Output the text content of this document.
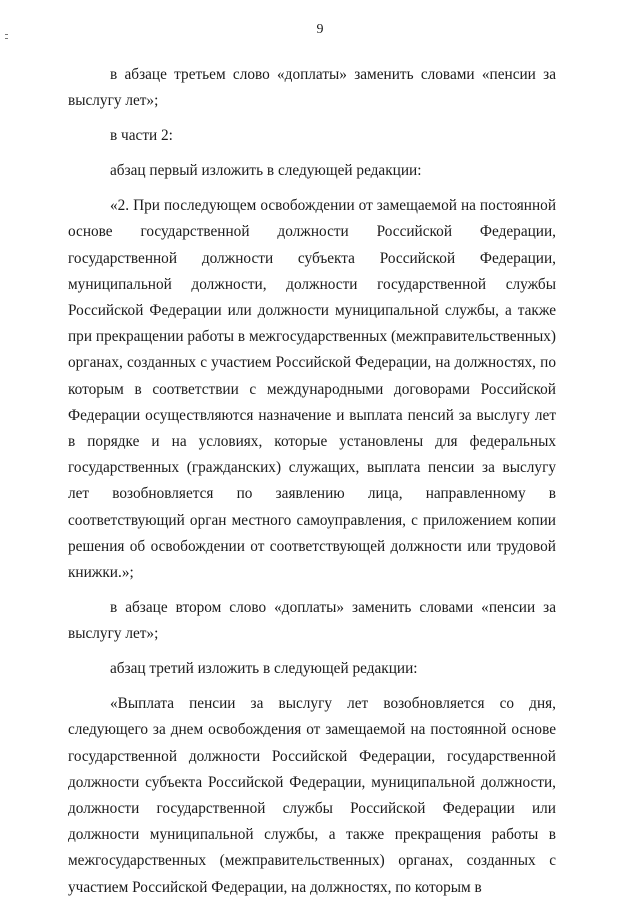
9

в абзаце третьем слово «доплаты» заменить словами «пенсии за выслугу лет»;

в части 2:

абзац первый изложить в следующей редакции:

«2. При последующем освобождении от замещаемой на постоянной основе государственной должности Российской Федерации, государственной должности субъекта Российской Федерации, муниципальной должности, должности государственной службы Российской Федерации или должности муниципальной службы, а также при прекращении работы в межгосударственных (межправительственных) органах, созданных с участием Российской Федерации, на должностях, по которым в соответствии с международными договорами Российской Федерации осуществляются назначение и выплата пенсий за выслугу лет в порядке и на условиях, которые установлены для федеральных государственных (гражданских) служащих, выплата пенсии за выслугу лет возобновляется по заявлению лица, направленному в соответствующий орган местного самоуправления, с приложением копии решения об освобождении от соответствующей должности или трудовой книжки.»;

в абзаце втором слово «доплаты» заменить словами «пенсии за выслугу лет»;

абзац третий изложить в следующей редакции:

«Выплата пенсии за выслугу лет возобновляется со дня, следующего за днем освобождения от замещаемой на постоянной основе государственной должности Российской Федерации, государственной должности субъекта Российской Федерации, муниципальной должности, должности государственной службы Российской Федерации или должности муниципальной службы, а также прекращения работы в межгосударственных (межправительственных) органах, созданных с участием Российской Федерации, на должностях, по которым в
